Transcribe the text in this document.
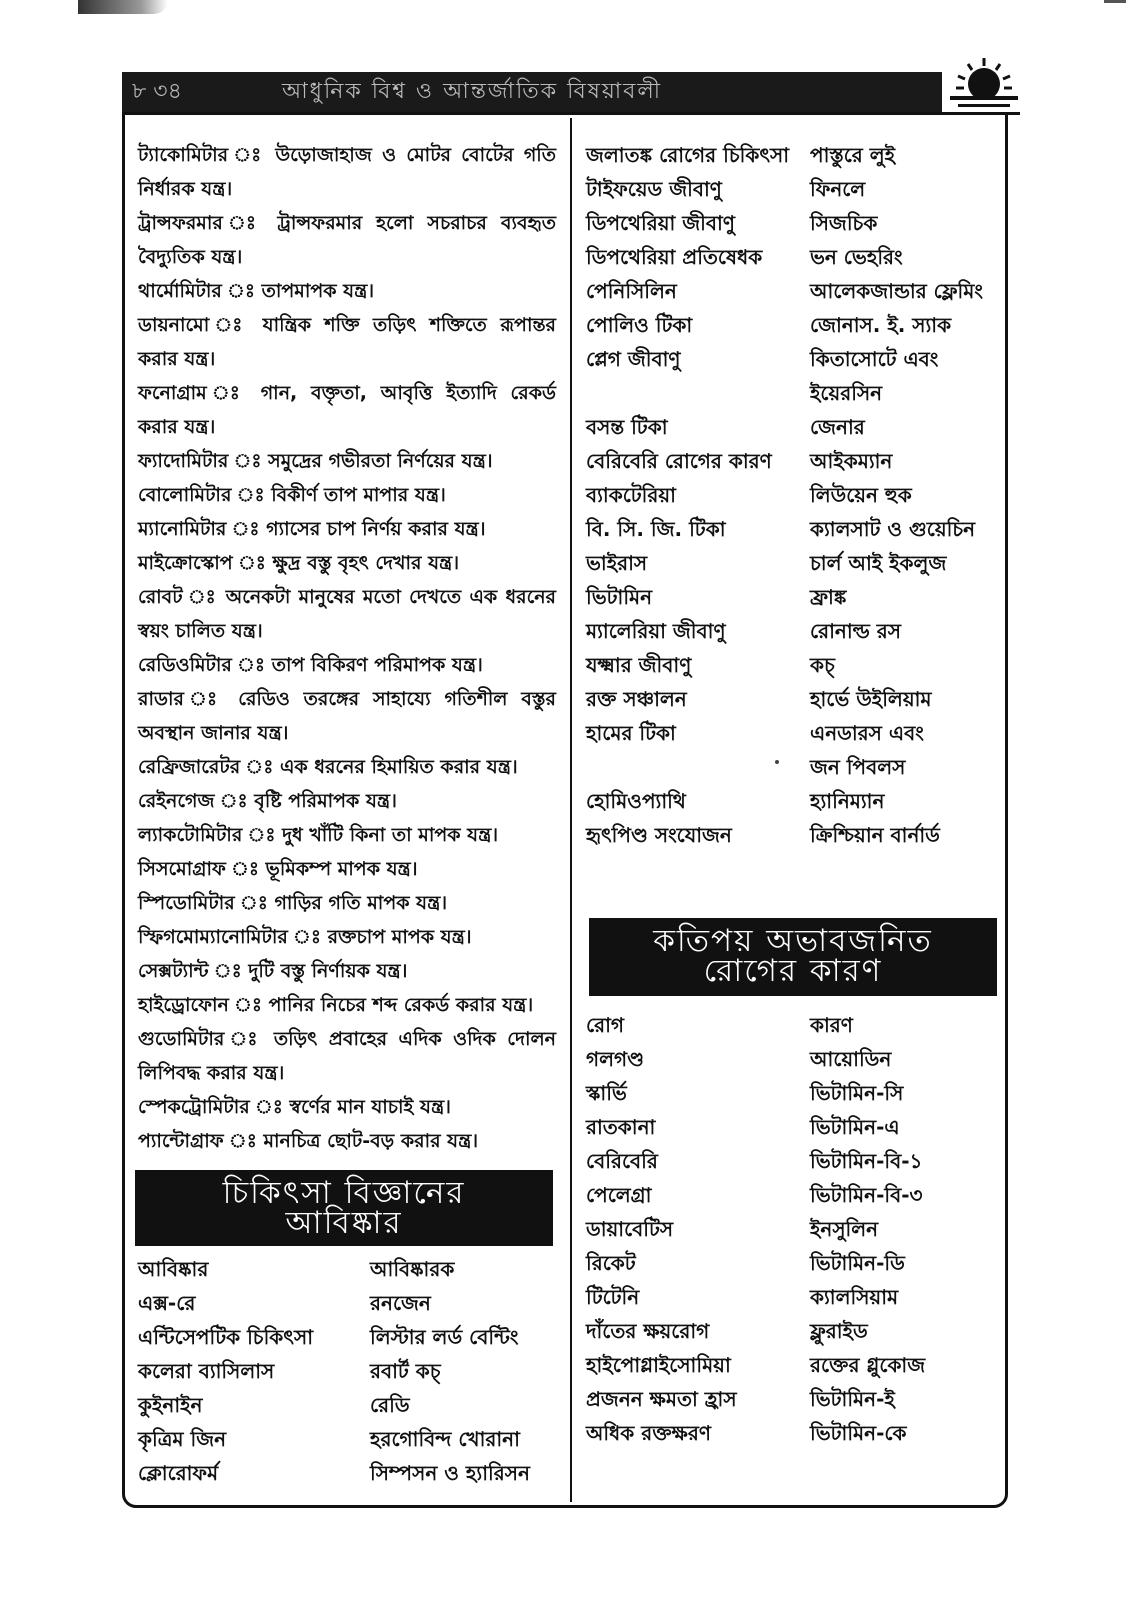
৮ ৩৪	আধুনিক বিশ্ব ও আন্তর্জাতিক বিষয়াবলী
ট্যাকোমিটার উড়োজাহাজ ও মোটর বোটের গতি নির্ধারক যন্ত্র।
ট্রান্সফরমার	ট্রান্সফরমার হলো সচরাচর ব্যবহৃত বৈদ্যুতিক যন্ত্র।
থার্মোমিটার তাপমাপক যন্ত্র।
ডায়নামো	যান্ত্রিক শক্তি তড়িৎ শক্তিতে রূপান্তর করার যন্ত্র।
ফনোগ্রাম	গান, বক্তৃতা, আবৃত্তি ইত্যাদি রেকর্ড করার যন্ত্র।
ফ্যাদোমিটার সমুদ্রের গভীরতা নির্ণয়ের যন্ত্র।
বোলোমিটার বিকীর্ণ তাপ মাপার যন্ত্র।
ম্যানোমিটার গ্যাসের চাপ নির্ণয় করার যন্ত্র।
মাইক্রোস্কোপ ক্ষুদ্র বস্তু বৃহৎ দেখার যন্ত্র।
রোবট অনেকটা মানুষের মতো দেখতে এক ধরনের স্বয়ং চালিত যন্ত্র।
রেডিওমিটার তাপ বিকিরণ পরিমাপক যন্ত্র।
রাডার	রেডিও তরঙ্গের সাহায্যে গতিশীল বস্তুর অবস্থান জানার যন্ত্র।
রেফ্রিজারেটর এক ধরনের হিমায়িত করার যন্ত্র।
রেইনগেজ বৃষ্টি পরিমাপক যন্ত্র।
ল্যাকটোমিটার দুধ খাঁটি কিনা তা মাপক যন্ত্র।
সিসমোগ্রাফ ভূমিকম্প মাপক যন্ত্র।
স্পিডোমিটার গাড়ির গতি মাপক যন্ত্র।
স্ফিগমোম্যানোমিটার রক্তচাপ মাপক যন্ত্র।
সেক্সট্যান্ট দুটি বস্তু নির্ণায়ক যন্ত্র।
হাইড্রোফোন পানির নিচের শব্দ রেকর্ড করার যন্ত্র।
গুডোমিটার	তড়িৎ প্রবাহের এদিক ওদিক দোলন লিপিবদ্ধ করার যন্ত্র।
স্পেকট্রোমিটার স্বর্ণের মান যাচাই যন্ত্র।
প্যান্টোগ্রাফ মানচিত্র ছোট-বড় করার যন্ত্র।
চিকিৎসা বিজ্ঞানের
আবিষ্কার
আবিষ্কার	আবিষ্কারক
এক্স-রে	রনজেন
এন্টিসেপটিক চিকিৎসা	লিস্টার লর্ড বেন্টিং
কলেরা ব্যাসিলাস	রবার্ট কচ্
কুইনাইন	রেডি
কৃত্রিম জিন	হরগোবিন্দ খোরানা
ক্লোরোফর্ম	সিম্পসন ও হ্যারিসন
জলাতঙ্ক রোগের চিকিৎসা	পাস্তুরে লুই
টাইফয়েড জীবাণু	ফিনলে
ডিপথেরিয়া জীবাণু	সিজচিক
ডিপথেরিয়া প্রতিষেধক	ভন ভেহরিং
পেনিসিলিন	আলেকজান্ডার ফ্লেমিং
পোলিও টিকা	জোনাস. ই. স্যাক
প্লেগ জীবাণু	কিতাসোটে এবং
	ইয়েরসিন
বসন্ত টিকা	জেনার
বেরিবেরি রোগের কারণ	আইকম্যান
ব্যাকটেরিয়া	লিউয়েন হুক
বি. সি. জি. টিকা	ক্যালসাট ও গুয়েচিন
ভাইরাস	চার্ল আই ইকলুজ
ভিটামিন	ফ্রাঙ্ক
ম্যালেরিয়া জীবাণু	রোনাল্ড রস
যক্ষ্মার জীবাণু	কচ্
রক্ত সঞ্চালন	হার্ভে উইলিয়াম
হামের টিকা	এনডারস এবং
	জন পিবলস
হোমিওপ্যাথি	হ্যানিম্যান
হৃৎপিণ্ড সংযোজন	ক্রিশ্চিয়ান বার্নার্ড
কতিপয় অভাবজনিত
রোগের কারণ
রোগ	কারণ
গলগণ্ড	আয়োডিন
স্কার্ভি	ভিটামিন-সি
রাতকানা	ভিটামিন-এ
বেরিবেরি	ভিটামিন-বি-১
পেলেগ্রা	ভিটামিন-বি-৩
ডায়াবেটিস	ইনসুলিন
রিকেট	ভিটামিন-ডি
টিটেনি	ক্যালসিয়াম
দাঁতের ক্ষয়রোগ	ফ্লুরাইড
হাইপোগ্লাইসোমিয়া	রক্তের গ্লুকোজ
প্রজনন ক্ষমতা হ্রাস	ভিটামিন-ই
অধিক রক্তক্ষরণ	ভিটামিন-কে
